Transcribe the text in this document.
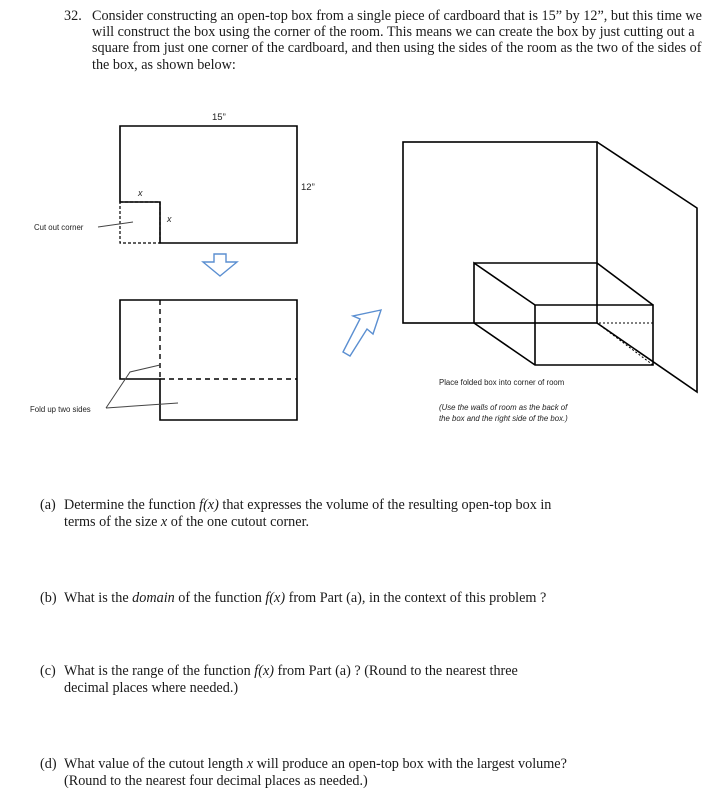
32. Consider constructing an open-top box from a single piece of cardboard that is 15” by 12”, but this time we will construct the box using the corner of the room. This means we can create the box by just cutting out a square from just one corner of the cardboard, and then using the sides of the room as the two of the sides of the box, as shown below:
15”
12”
x
x
Cut out corner
Fold up two sides
Place folded box into corner of room
(Use the walls of room as the back of
the box and the right side of the box.)
(a) Determine the function f(x) that expresses the volume of the resulting open-top box in
terms of the size x of the one cutout corner.
(b) What is the domain of the function f(x) from Part (a), in the context of this problem ?
(c) What is the range of the function f(x) from Part (a) ? (Round to the nearest three
decimal places where needed.)
(d) What value of the cutout length x will produce an open-top box with the largest volume?
(Round to the nearest four decimal places as needed.)
